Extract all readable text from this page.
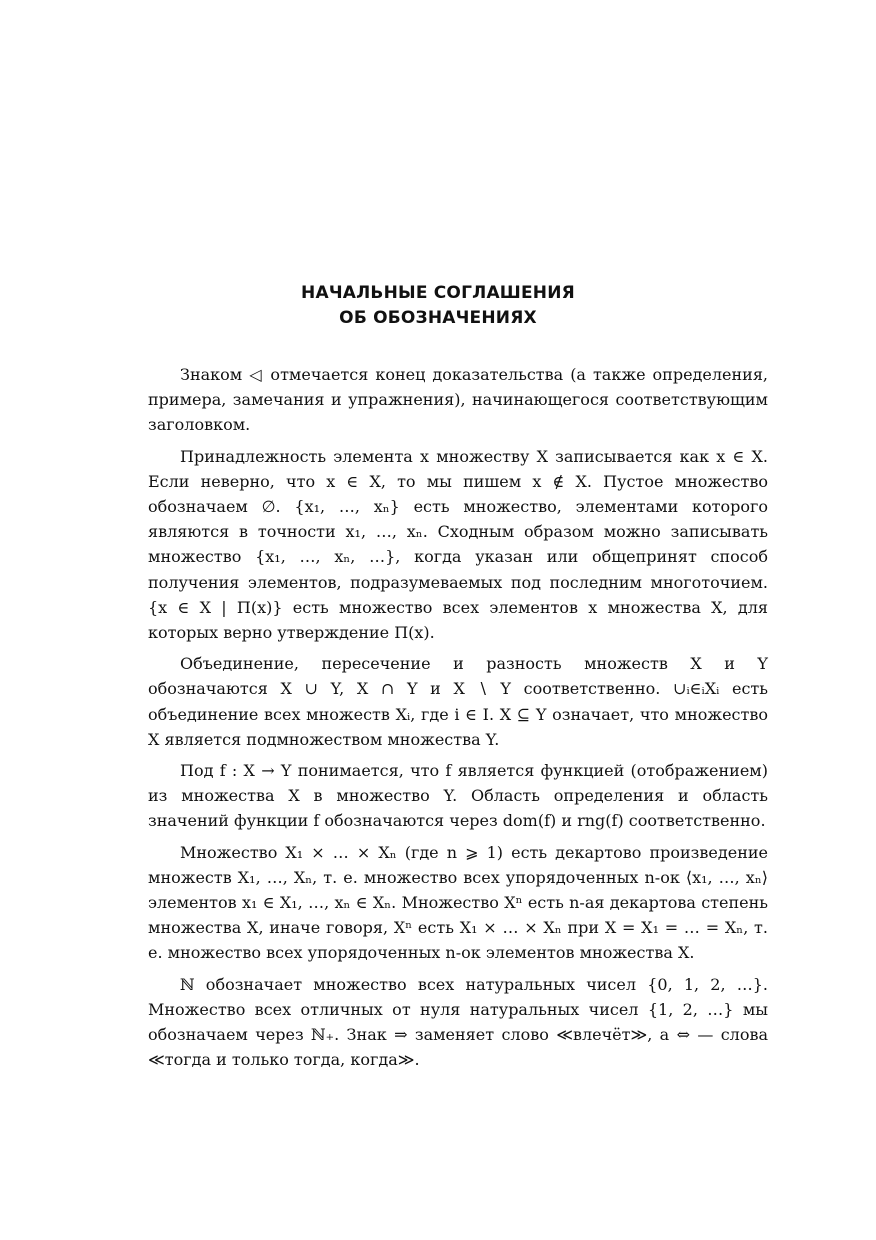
НАЧАЛЬНЫЕ СОГЛАШЕНИЯ
ОБ ОБОЗНАЧЕНИЯХ

Знаком ◁ отмечается конец доказательства (а также определения, примера, замечания и упражнения), начинающегося соответствующим заголовком.

Принадлежность элемента x множеству X записывается как x ∈ X. Если неверно, что x ∈ X, то мы пишем x ∉ X. Пустое множество обозначаем ∅. {x₁, …, xₙ} есть множество, элементами которого являются в точности x₁, …, xₙ. Сходным образом можно записывать множество {x₁, …, xₙ, …}, когда указан или общепринят способ получения элементов, подразумеваемых под последним многоточием. {x ∈ X | Π(x)} есть множество всех элементов x множества X, для которых верно утверждение Π(x).

Объединение, пересечение и разность множеств X и Y обозначаются X ∪ Y, X ∩ Y и X ∖ Y соответственно. ∪ᵢ∈ᵢXᵢ есть объединение всех множеств Xᵢ, где i ∈ I. X ⊆ Y означает, что множество X является подмножеством множества Y.

Под f : X → Y понимается, что f является функцией (отображением) из множества X в множество Y. Область определения и область значений функции f обозначаются через dom(f) и rng(f) соответственно.

Множество X₁ × … × Xₙ (где n ⩾ 1) есть декартово произведение множеств X₁, …, Xₙ, т. е. множество всех упорядоченных n-ок ⟨x₁, …, xₙ⟩ элементов x₁ ∈ X₁, …, xₙ ∈ Xₙ. Множество Xⁿ есть n-ая декартова степень множества X, иначе говоря, Xⁿ есть X₁ × … × Xₙ при X = X₁ = … = Xₙ, т. е. множество всех упорядоченных n-ок элементов множества X.

ℕ обозначает множество всех натуральных чисел {0, 1, 2, …}. Множество всех отличных от нуля натуральных чисел {1, 2, …} мы обозначаем через ℕ₊. Знак ⇒ заменяет слово ≪влечёт≫, а ⇔ — слова ≪тогда и только тогда, когда≫.
